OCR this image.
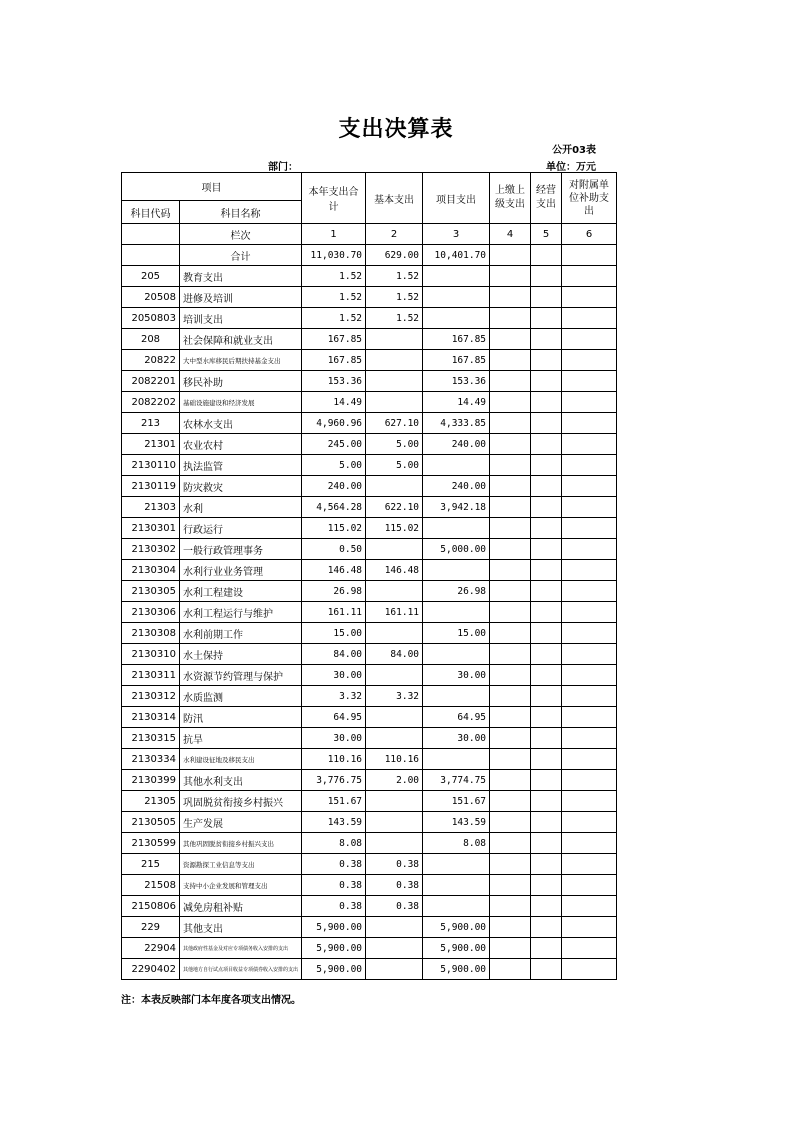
支出决算表
公开03表
部门：	单位：万元
项目		本年支出合计	基本支出	项目支出	上缴上级支出	经营支出	对附属单位补助支出
科目代码	科目名称						
	栏次	1	2	3	4	5	6
	合计	11,030.70	629.00	10,401.70			
205	教育支出	1.52	1.52				
20508	进修及培训	1.52	1.52				
2050803	培训支出	1.52	1.52				
208	社会保障和就业支出	167.85		167.85			
20822	大中型水库移民后期扶持基金支出	167.85		167.85			
2082201	移民补助	153.36		153.36			
2082202	基础设施建设和经济发展	14.49		14.49			
213	农林水支出	4,960.96	627.10	4,333.85			
21301	农业农村	245.00	5.00	240.00			
2130110	执法监管	5.00	5.00				
2130119	防灾救灾	240.00		240.00			
21303	水利	4,564.28	622.10	3,942.18			
2130301	行政运行	115.02	115.02				
2130302	一般行政管理事务	0.50		5,000.00			
2130304	水利行业业务管理	146.48	146.48				
2130305	水利工程建设	26.98		26.98			
2130306	水利工程运行与维护	161.11	161.11				
2130308	水利前期工作	15.00		15.00			
2130310	水土保持	84.00	84.00				
2130311	水资源节约管理与保护	30.00		30.00			
2130312	水质监测	3.32	3.32				
2130314	防汛	64.95		64.95			
2130315	抗旱	30.00		30.00			
2130334	水利建设征地及移民支出	110.16	110.16				
2130399	其他水利支出	3,776.75	2.00	3,774.75			
21305	巩固脱贫衔接乡村振兴	151.67		151.67			
2130505	生产发展	143.59		143.59			
2130599	其他巩固脱贫衔接乡村振兴支出	8.08		8.08			
215	资源勘探工业信息等支出	0.38	0.38				
21508	支持中小企业发展和管理支出	0.38	0.38				
2150806	减免房租补贴	0.38	0.38				
229	其他支出	5,900.00		5,900.00			
22904	其他政府性基金及对应专项债务收入安排的支出	5,900.00		5,900.00			
2290402	其他地方自行试点项目收益专项债券收入安排的支出	5,900.00		5,900.00			
注：本表反映部门本年度各项支出情况。
